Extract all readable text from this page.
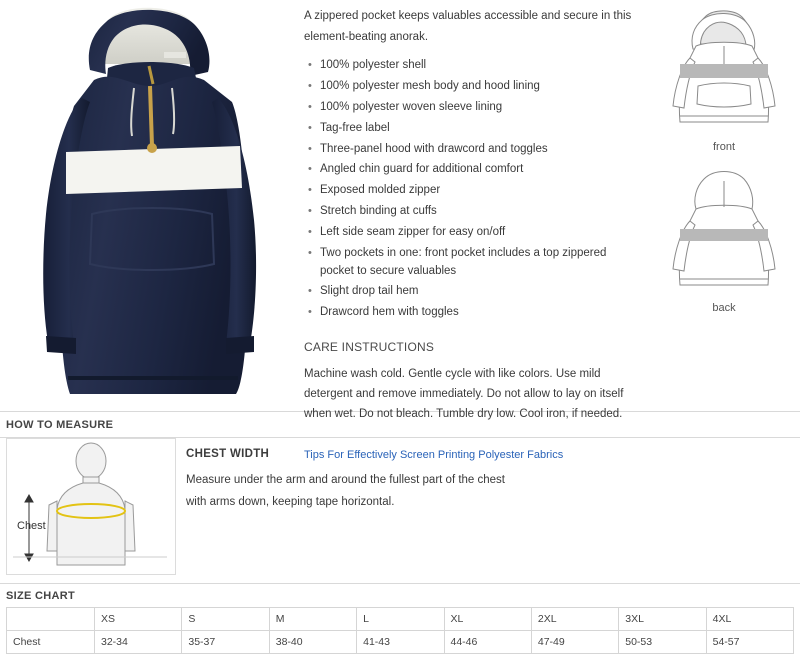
A zippered pocket keeps valuables accessible and secure in this element-beating anorak.

• 100% polyester shell
• 100% polyester mesh body and hood lining
• 100% polyester woven sleeve lining
• Tag-free label
• Three-panel hood with drawcord and toggles
• Angled chin guard for additional comfort
• Exposed molded zipper
• Stretch binding at cuffs
• Left side seam zipper for easy on/off
• Two pockets in one: front pocket includes a top zippered pocket to secure valuables
• Slight drop tail hem
• Drawcord hem with toggles
CARE INSTRUCTIONS

Machine wash cold. Gentle cycle with like colors. Use mild detergent and remove immediately. Do not allow to lay on itself when wet. Do not bleach. Tumble dry low. Cool iron, if needed.

Tips For Effectively Screen Printing Polyester Fabrics
front
back
HOW TO MEASURE
Chest
CHEST WIDTH
Measure under the arm and around the fullest part of the chest
with arms down, keeping tape horizontal.
SIZE CHART
	XS	S	M	L	XL	2XL	3XL	4XL
Chest	32-34	35-37	38-40	41-43	44-46	47-49	50-53	54-57
